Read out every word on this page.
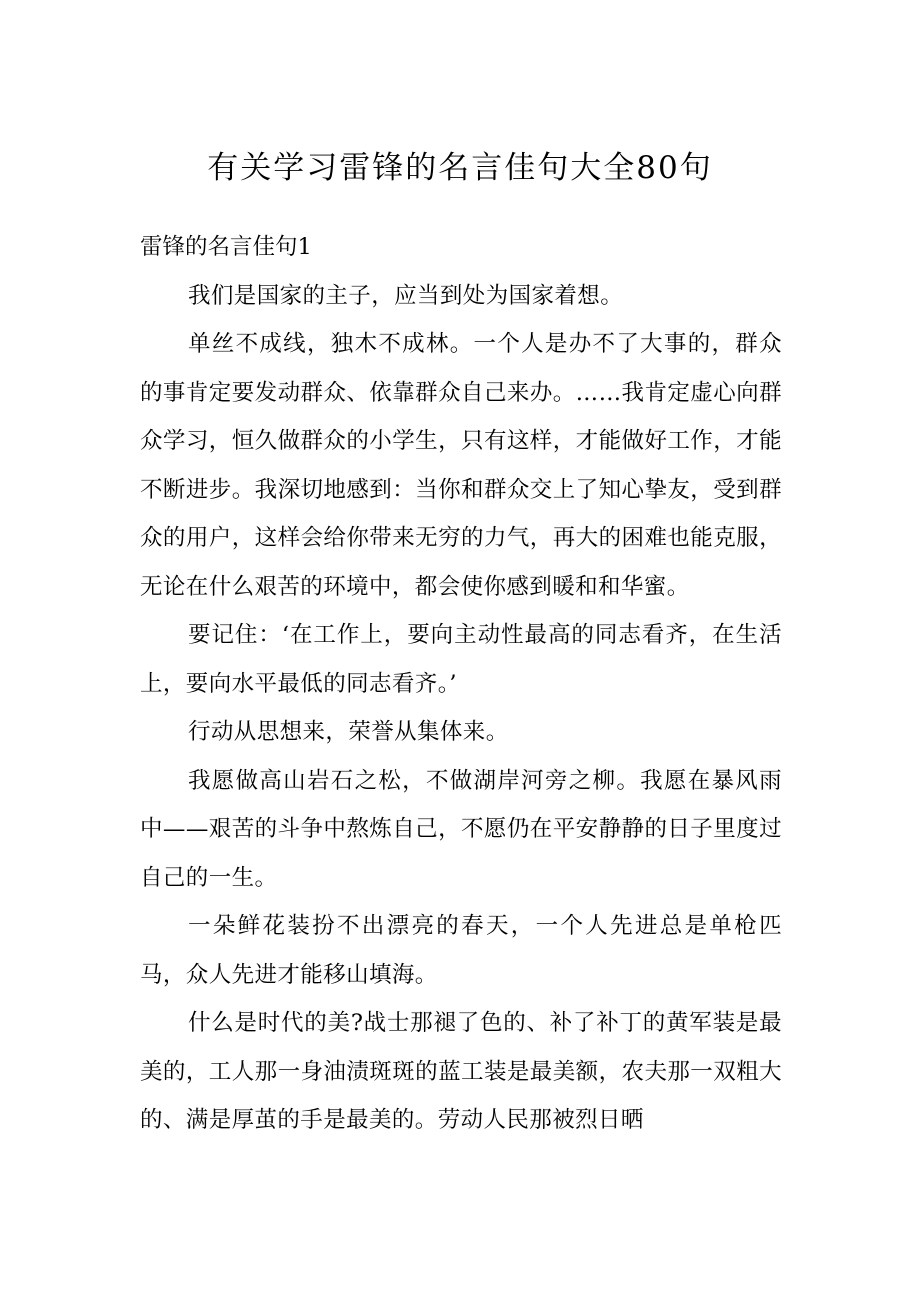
有关学习雷锋的名言佳句大全80句
雷锋的名言佳句1

我们是国家的主子，应当到处为国家着想。

单丝不成线，独木不成林。一个人是办不了大事的，群众的事肯定要发动群众、依靠群众自己来办。……我肯定虚心向群众学习，恒久做群众的小学生，只有这样，才能做好工作，才能不断进步。我深切地感到：当你和群众交上了知心挚友，受到群众的用户，这样会给你带来无穷的力气，再大的困难也能克服，无论在什么艰苦的环境中，都会使你感到暖和和华蜜。

要记住：‘在工作上，要向主动性最高的同志看齐，在生活上，要向水平最低的同志看齐。’

行动从思想来，荣誉从集体来。

我愿做高山岩石之松，不做湖岸河旁之柳。我愿在暴风雨中——艰苦的斗争中熬炼自己，不愿仍在平安静静的日子里度过自己的一生。

一朵鲜花装扮不出漂亮的春天，一个人先进总是单枪匹马，众人先进才能移山填海。

什么是时代的美?战士那褪了色的、补了补丁的黄军装是最美的，工人那一身油渍斑斑的蓝工装是最美额，农夫那一双粗大的、满是厚茧的手是最美的。劳动人民那被烈日晒
